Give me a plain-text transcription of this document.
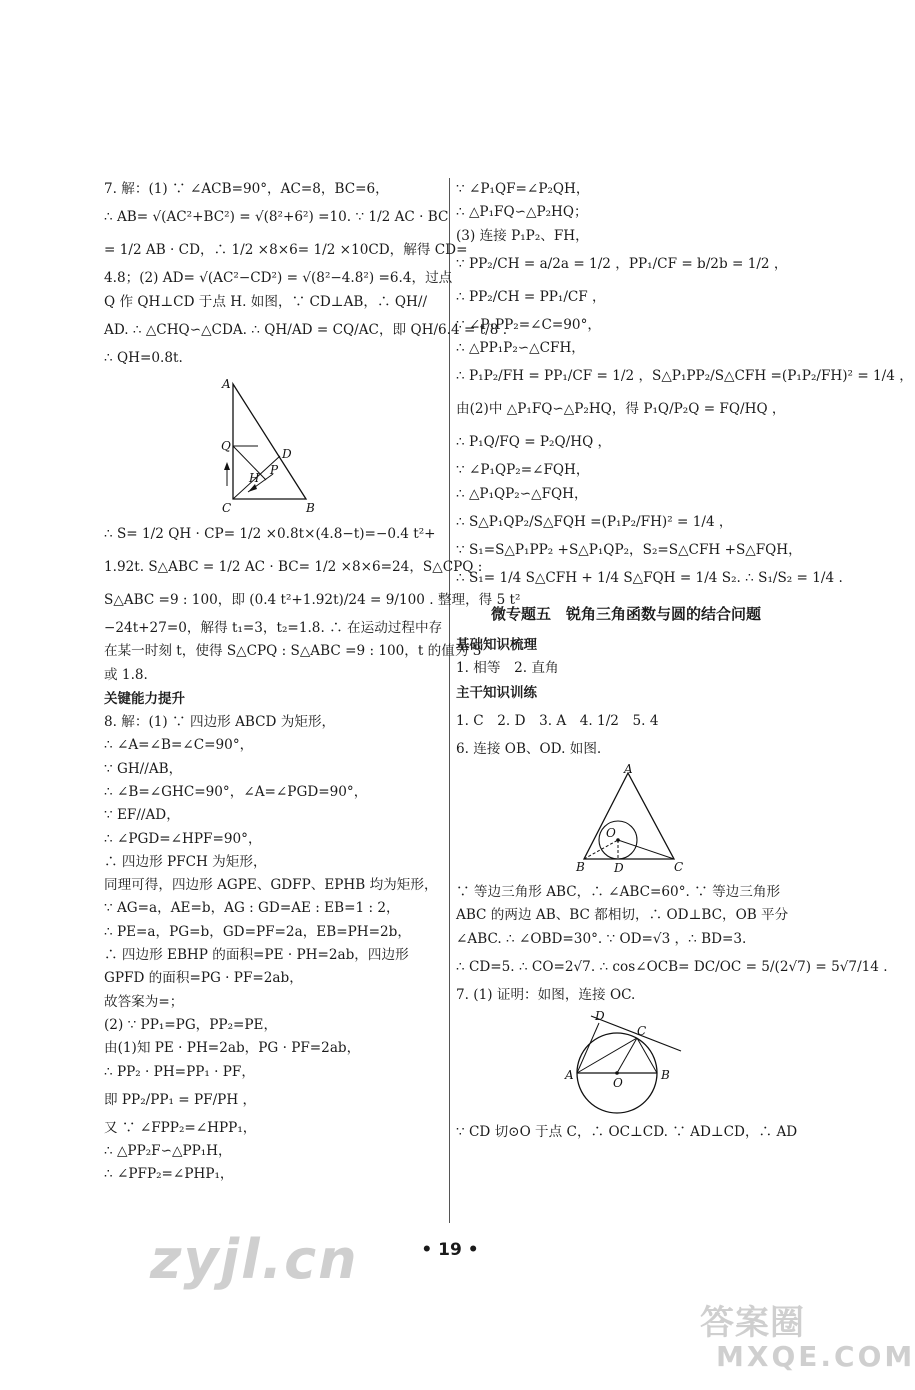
7. 解：(1) ∵ ∠ACB=90°，AC=8，BC=6，
∴ AB= √(AC²+BC²) = √(8²+6²) =10. ∵ 1/2 AC · BC
= 1/2 AB · CD，∴ 1/2 ×8×6= 1/2 ×10CD，解得 CD=
4.8；(2) AD= √(AC²−CD²) = √(8²−4.8²) =6.4，过点
Q 作 QH⊥CD 于点 H. 如图，∵ CD⊥AB，∴ QH//
AD. ∴ △CHQ∽△CDA. ∴ QH/AD = CQ/AC，即 QH/6.4 = t/8 .
∴ QH=0.8t.
A
Q
D
H
P
C	B
∴ S= 1/2 QH · CP= 1/2 ×0.8t×(4.8−t)=−0.4 t²+
1.92t. S△ABC = 1/2 AC · BC= 1/2 ×8×6=24，S△CPQ :
S△ABC =9 : 100，即 (0.4 t²+1.92t)/24 = 9/100 . 整理，得 5 t²
−24t+27=0，解得 t₁=3，t₂=1.8. ∴ 在运动过程中存
在某一时刻 t，使得 S△CPQ : S△ABC =9 : 100，t 的值为 3
或 1.8.
关键能力提升
8. 解：(1) ∵ 四边形 ABCD 为矩形，
∴ ∠A=∠B=∠C=90°，
∵ GH//AB，
∴ ∠B=∠GHC=90°，∠A=∠PGD=90°，
∵ EF//AD，
∴ ∠PGD=∠HPF=90°，
∴ 四边形 PFCH 为矩形，
同理可得，四边形 AGPE、GDFP、EPHB 均为矩形，
∵ AG=a，AE=b，AG : GD=AE : EB=1 : 2，
∴ PE=a，PG=b，GD=PF=2a，EB=PH=2b，
∴ 四边形 EBHP 的面积=PE · PH=2ab，四边形
GPFD 的面积=PG · PF=2ab，
故答案为=；
(2) ∵ PP₁=PG，PP₂=PE，
由(1)知 PE · PH=2ab，PG · PF=2ab，
∴ PP₂ · PH=PP₁ · PF，
即 PP₂/PP₁ = PF/PH ，
又 ∵ ∠FPP₂=∠HPP₁，
∴ △PP₂F∽△PP₁H，
∴ ∠PFP₂=∠PHP₁，
∵ ∠P₁QF=∠P₂QH，
∴ △P₁FQ∽△P₂HQ；
(3) 连接 P₁P₂、FH，
∵ PP₂/CH = a/2a = 1/2 ，PP₁/CF = b/2b = 1/2 ，
∴ PP₂/CH = PP₁/CF ，
∵ ∠P₁PP₂=∠C=90°，
∴ △PP₁P₂∽△CFH，
∴ P₁P₂/FH = PP₁/CF = 1/2 ，S△P₁PP₂/S△CFH =(P₁P₂/FH)² = 1/4 ，
由(2)中 △P₁FQ∽△P₂HQ，得 P₁Q/P₂Q = FQ/HQ ，
∴ P₁Q/FQ = P₂Q/HQ ，
∵ ∠P₁QP₂=∠FQH，
∴ △P₁QP₂∽△FQH，
∴ S△P₁QP₂/S△FQH =(P₁P₂/FH)² = 1/4 ，
∵ S₁=S△P₁PP₂ +S△P₁QP₂，S₂=S△CFH +S△FQH，
∴ S₁= 1/4 S△CFH + 1/4 S△FQH = 1/4 S₂. ∴ S₁/S₂ = 1/4 .
微专题五　锐角三角函数与圆的结合问题
基础知识梳理
1. 相等　2. 直角
主干知识训练
1. C　2. D　3. A　4. 1/2　5. 4
6. 连接 OB、OD. 如图.
A
O
B D	C
∵ 等边三角形 ABC，∴ ∠ABC=60°. ∵ 等边三角形
ABC 的两边 AB、BC 都相切，∴ OD⊥BC，OB 平分
∠ABC. ∴ ∠OBD=30°. ∵ OD=√3 ，∴ BD=3.
∴ CD=5. ∴ CO=2√7. ∴ cos∠OCB= DC/OC = 5/(2√7) = 5√7/14 .
7. (1) 证明：如图，连接 OC.
D
C
A
O
B
∵ CD 切⊙O 于点 C，∴ OC⊥CD. ∵ AD⊥CD，∴ AD
• 19 •
zyjl.cn
答案圈
MXQE.COM
